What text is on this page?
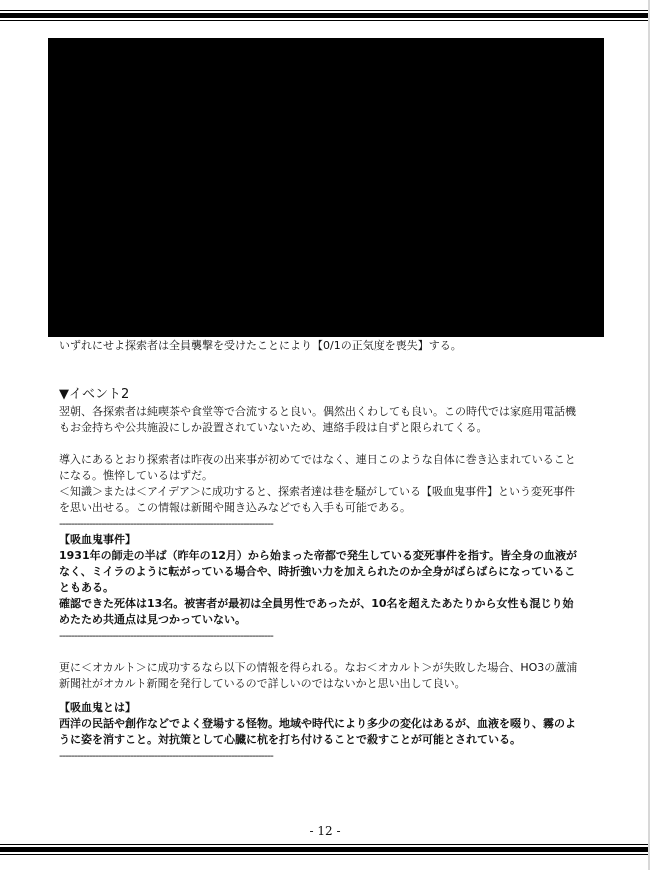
いずれにせよ探索者は全員襲撃を受けたことにより【0/1の正気度を喪失】する。

▼イベント2

翌朝、各探索者は純喫茶や食堂等で合流すると良い。偶然出くわしても良い。この時代では家庭用電話機もお金持ちや公共施設にしか設置されていないため、連絡手段は自ずと限られてくる。

導入にあるとおり探索者は昨夜の出来事が初めてではなく、連日このような自体に巻き込まれていることになる。憔悴しているはずだ。

＜知識＞または＜アイデア＞に成功すると、探索者達は巷を騒がしている【吸血鬼事件】という変死事件を思い出せる。この情報は新聞や聞き込みなどでも入手も可能である。

------------------------------------------------------------------------

【吸血鬼事件】

1931年の師走の半ば（昨年の12月）から始まった帝都で発生している変死事件を指す。皆全身の血液がなく、ミイラのように転がっている場合や、時折強い力を加えられたのか全身がばらばらになっていることもある。

確認できた死体は13名。被害者が最初は全員男性であったが、10名を超えたあたりから女性も混じり始めたため共通点は見つかっていない。

------------------------------------------------------------------------

更に＜オカルト＞に成功するなら以下の情報を得られる。なお＜オカルト＞が失敗した場合、HO3の蘆浦新聞社がオカルト新聞を発行しているので詳しいのではないかと思い出して良い。

【吸血鬼とは】

西洋の民話や創作などでよく登場する怪物。地域や時代により多少の変化はあるが、血液を啜り、霧のように姿を消すこと。対抗策として心臓に杭を打ち付けることで殺すことが可能とされている。

------------------------------------------------------------------------

- 12 -
